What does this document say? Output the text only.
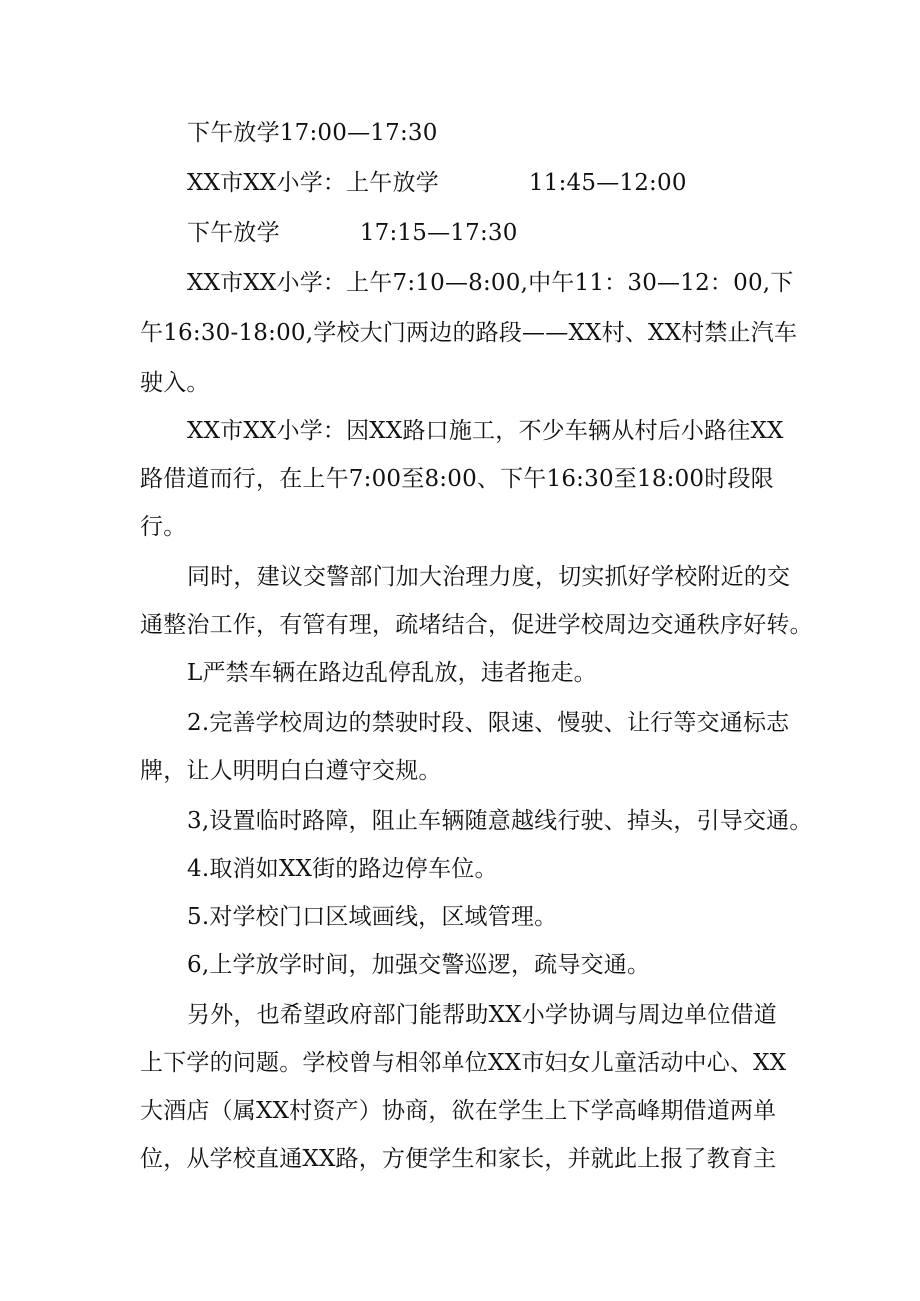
下午放学17:00—17:30
XX市XX小学：上午放学	11:45—12:00
下午放学	17:15—17:30
XX市XX小学：上午7:10—8:00,中午11：30—12：00,下
午16:30-18:00,学校大门两边的路段——XX村、XX村禁止汽车
驶入。
XX市XX小学：因XX路口施工，不少车辆从村后小路往XX
路借道而行，在上午7:00至8:00、下午16:30至18:00时段限
行。
同时，建议交警部门加大治理力度，切实抓好学校附近的交
通整治工作，有管有理，疏堵结合，促进学校周边交通秩序好转。
L严禁车辆在路边乱停乱放，违者拖走。
2.完善学校周边的禁驶时段、限速、慢驶、让行等交通标志
牌，让人明明白白遵守交规。
3,设置临时路障，阻止车辆随意越线行驶、掉头，引导交通。
4.取消如XX街的路边停车位。
5.对学校门口区域画线，区域管理。
6,上学放学时间，加强交警巡逻，疏导交通。
另外，也希望政府部门能帮助XX小学协调与周边单位借道
上下学的问题。学校曾与相邻单位XX市妇女儿童活动中心、XX
大酒店（属XX村资产）协商，欲在学生上下学高峰期借道两单
位，从学校直通XX路，方便学生和家长，并就此上报了教育主
